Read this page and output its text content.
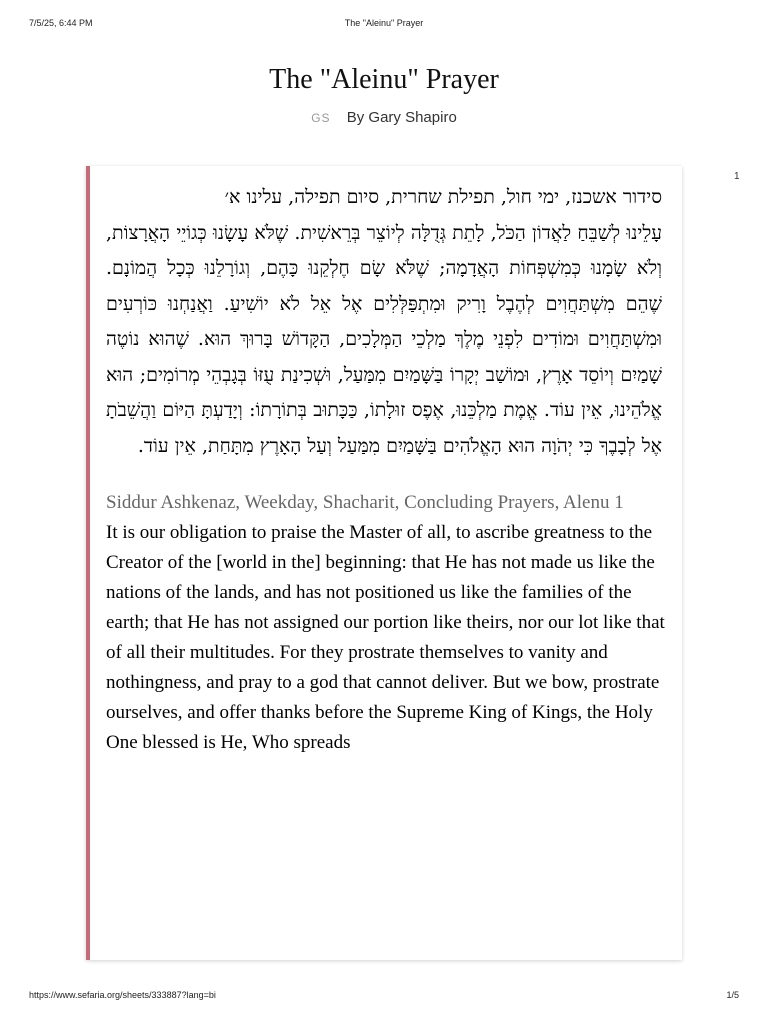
7/5/25, 6:44 PM	The "Aleinu" Prayer
The "Aleinu" Prayer
GS By Gary Shapiro
סידור אשכנז, ימי חול, תפילת שחרית, סיום תפילה, עלינו א׳
עָלֵינוּ לְשַׁבֵּחַ לַאֲדוֹן הַכֹּל, לָתֵת גְּדֻלָּה לְיוֹצֵר בְּרֵאשִׁית. שֶׁלֹּא עָשָׂנוּ כְּגוֹיֵי הָאֲרָצוֹת, וְלֹא שָׂמָנוּ כְּמִשְׁפְּחוֹת הָאֲדָמָה; שֶׁלֹּא שָׂם חֶלְקֵנוּ כָּהֶם, וְגוֹרָלֵנוּ כְּכָל הֲמוֹנָם. שֶׁהֵם מִשְׁתַּחֲוִים לְהֶבֶל וָרִיק וּמִתְפַּלְּלִים אֶל אֵל לֹא יוֹשִׁיעַ. וַאֲנַחְנוּ כּוֹרְעִים וּמִשְׁתַּחֲוִים וּמוֹדִים לִפְנֵי מֶלֶךְ מַלְכֵי הַמְּלָכִים, הַקָּדוֹשׁ בָּרוּךְ הוּא. שֶׁהוּא נוֹטֶה שָׁמַיִם וְיוֹסֵד אָרֶץ, וּמוֹשַׁב יְקָרוֹ בַּשָּׁמַיִם מִמַּעַל, וּשְׁכִינַת עֻזּוֹ בְּגָבְהֵי מְרוֹמִים; הוּא אֱלֹהֵינוּ, אֵין עוֹד. אֱמֶת מַלְכֵּנוּ, אֶפֶס זוּלָתוֹ, כַּכָּתוּב בְּתוֹרָתוֹ: וְיָדַעְתָּ הַיּוֹם וַהֲשֵׁבֹתָ אֶל לְבָבֶךָ כִּי יְהֹוָה הוּא הָאֱלֹהִים בַּשָּׁמַיִם מִמַּעַל וְעַל הָאָרֶץ מִתָּחַת, אֵין עוֹד.
Siddur Ashkenaz, Weekday, Shacharit, Concluding Prayers, Alenu 1
It is our obligation to praise the Master of all, to ascribe greatness to the Creator of the [world in the] beginning: that He has not made us like the nations of the lands, and has not positioned us like the families of the earth; that He has not assigned our portion like theirs, nor our lot like that of all their multitudes. For they prostrate themselves to vanity and nothingness, and pray to a god that cannot deliver. But we bow, prostrate ourselves, and offer thanks before the Supreme King of Kings, the Holy One blessed is He, Who spreads
1
https://www.sefaria.org/sheets/333887?lang=bi	1/5
